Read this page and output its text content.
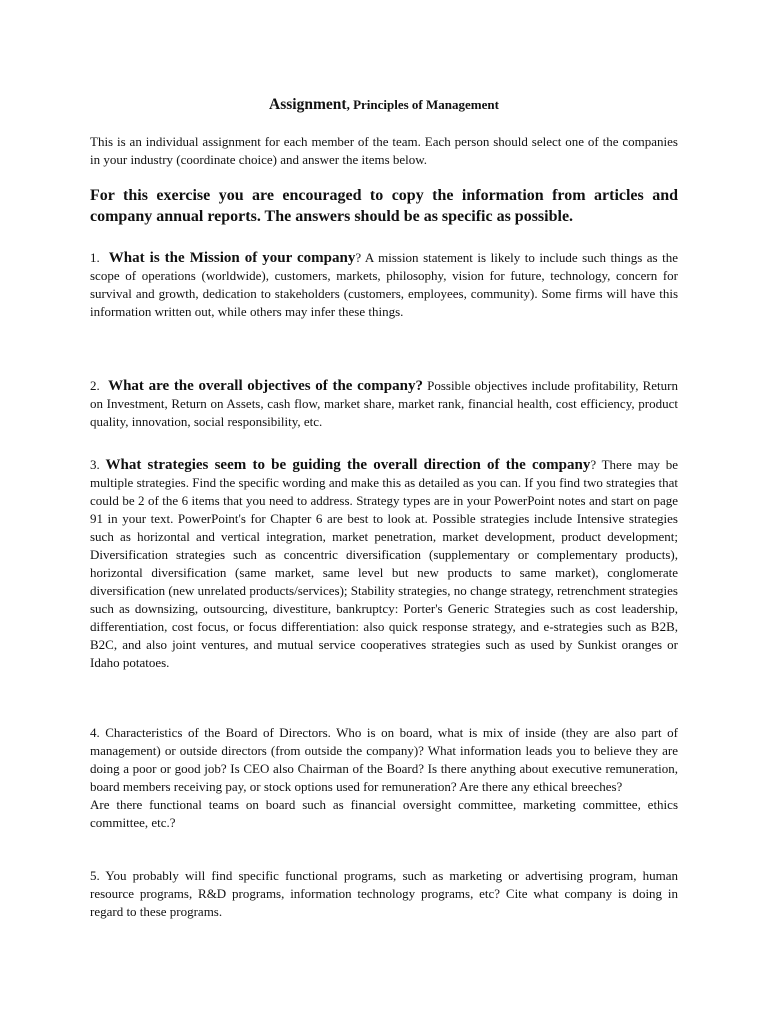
Assignment, Principles of Management

This is an individual assignment for each member of the team. Each person should select one of the companies in your industry (coordinate choice) and answer the items below.

For this exercise you are encouraged to copy the information from articles and company annual reports. The answers should be as specific as possible.

1. What is the Mission of your company? A mission statement is likely to include such things as the scope of operations (worldwide), customers, markets, philosophy, vision for future, technology, concern for survival and growth, dedication to stakeholders (customers, employees, community). Some firms will have this information written out, while others may infer these things.

2. What are the overall objectives of the company? Possible objectives include profitability, Return on Investment, Return on Assets, cash flow, market share, market rank, financial health, cost efficiency, product quality, innovation, social responsibility, etc.

3. What strategies seem to be guiding the overall direction of the company? There may be multiple strategies. Find the specific wording and make this as detailed as you can. If you find two strategies that could be 2 of the 6 items that you need to address. Strategy types are in your PowerPoint notes and start on page 91 in your text. PowerPoint's for Chapter 6 are best to look at. Possible strategies include Intensive strategies such as horizontal and vertical integration, market penetration, market development, product development; Diversification strategies such as concentric diversification (supplementary or complementary products), horizontal diversification (same market, same level but new products to same market), conglomerate diversification (new unrelated products/services); Stability strategies, no change strategy, retrenchment strategies such as downsizing, outsourcing, divestiture, bankruptcy: Porter's Generic Strategies such as cost leadership, differentiation, cost focus, or focus differentiation: also quick response strategy, and e-strategies such as B2B, B2C, and also joint ventures, and mutual service cooperatives strategies such as used by Sunkist oranges or Idaho potatoes.

4. Characteristics of the Board of Directors. Who is on board, what is mix of inside (they are also part of management) or outside directors (from outside the company)? What information leads you to believe they are doing a poor or good job? Is CEO also Chairman of the Board? Is there anything about executive remuneration, board members receiving pay, or stock options used for remuneration? Are there any ethical breeches?
Are there functional teams on board such as financial oversight committee, marketing committee, ethics committee, etc.?

5. You probably will find specific functional programs, such as marketing or advertising program, human resource programs, R&D programs, information technology programs, etc? Cite what company is doing in regard to these programs.
